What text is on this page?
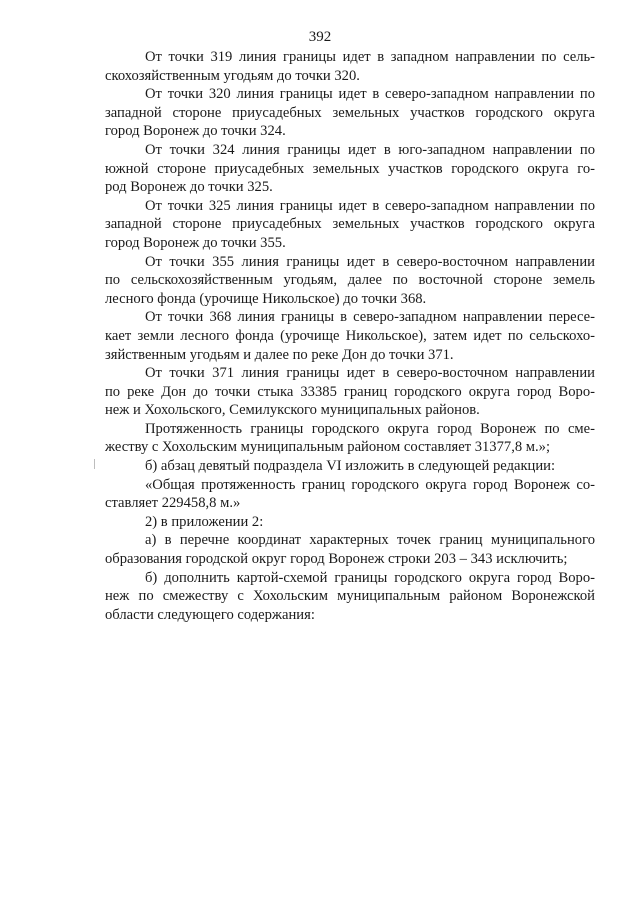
392
От точки 319 линия границы идет в западном направлении по сель-
скохозяйственным угодьям до точки 320.
От точки 320 линия границы идет в северо-западном направлении по
западной стороне приусадебных земельных участков городского округа
город Воронеж до точки 324.
От точки 324 линия границы идет в юго-западном направлении по
южной стороне приусадебных земельных участков городского округа го-
род Воронеж до точки 325.
От точки 325 линия границы идет в северо-западном направлении по
западной стороне приусадебных земельных участков городского округа
город Воронеж до точки 355.
От точки 355 линия границы идет в северо-восточном направлении
по сельскохозяйственным угодьям, далее по восточной стороне земель
лесного фонда (урочище Никольское) до точки 368.
От точки 368 линия границы в северо-западном направлении пересе-
кает земли лесного фонда (урочище Никольское), затем идет по сельскохо-
зяйственным угодьям и далее по реке Дон до точки 371.
От точки 371 линия границы идет в северо-восточном направлении
по реке Дон до точки стыка 33385 границ городского округа город Воро-
неж и Хохольского, Семилукского муниципальных районов.
Протяженность границы городского округа город Воронеж по сме-
жеству с Хохольским муниципальным районом составляет 31377,8 м.»;
б) абзац девятый подраздела VI изложить в следующей редакции:
«Общая протяженность границ городского округа город Воронеж со-
ставляет 229458,8 м.»
2) в приложении 2:
а) в перечне координат характерных точек границ муниципального
образования городской округ город Воронеж строки 203 – 343 исключить;
б) дополнить картой-схемой границы городского округа город Воро-
неж по смежеству с Хохольским муниципальным районом Воронежской
области следующего содержания:
